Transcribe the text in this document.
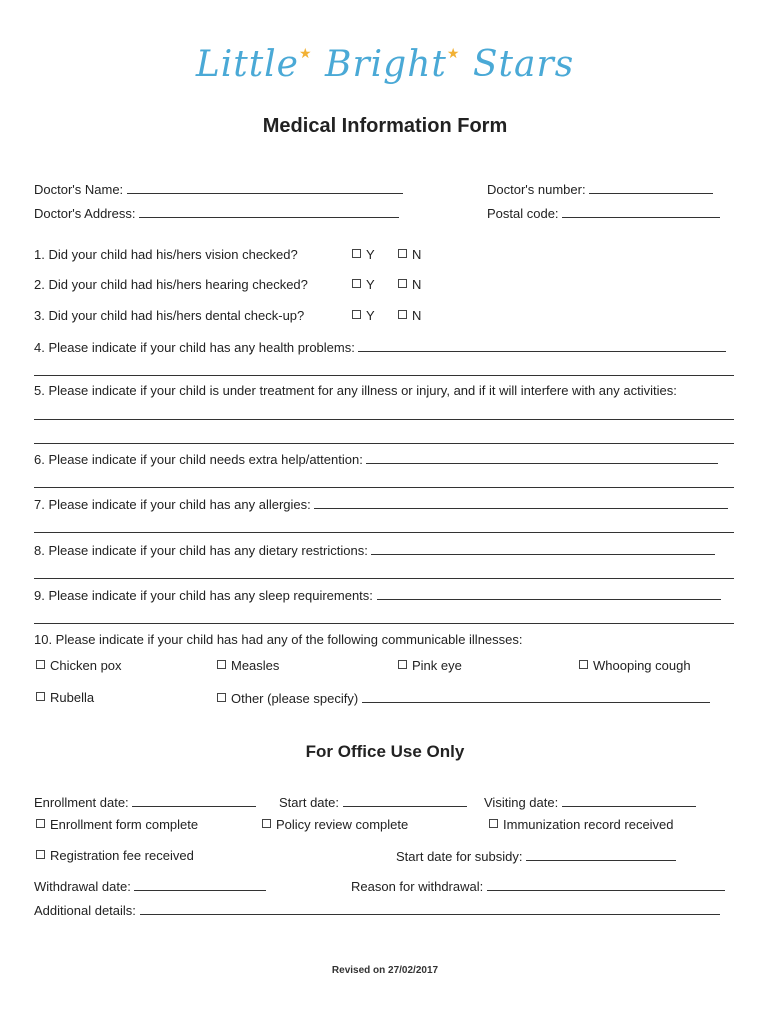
Little★ Bright★ Stars
Medical Information Form
Doctor's Name:	Doctor's number:
Doctor's Address:	Postal code:
1. Did your child had his/hers vision checked?	Y	N
2. Did your child had his/hers hearing checked?	Y	N
3. Did your child had his/hers dental check-up?	Y	N
4. Please indicate if your child has any health problems:
5. Please indicate if your child is under treatment for any illness or injury, and if it will interfere with any activities:
6. Please indicate if your child needs extra help/attention:
7. Please indicate if your child has any allergies:
8. Please indicate if your child has any dietary restrictions:
9. Please indicate if your child has any sleep requirements:
10. Please indicate if your child has had any of the following communicable illnesses:
Chicken pox	Measles	Pink eye	Whooping cough
Rubella	Other (please specify)
For Office Use Only
Enrollment date:	Start date:	Visiting date:
Enrollment form complete	Policy review complete	Immunization record received
Registration fee received	Start date for subsidy:
Withdrawal date:	Reason for withdrawal:
Additional details:
Revised on 27/02/2017
